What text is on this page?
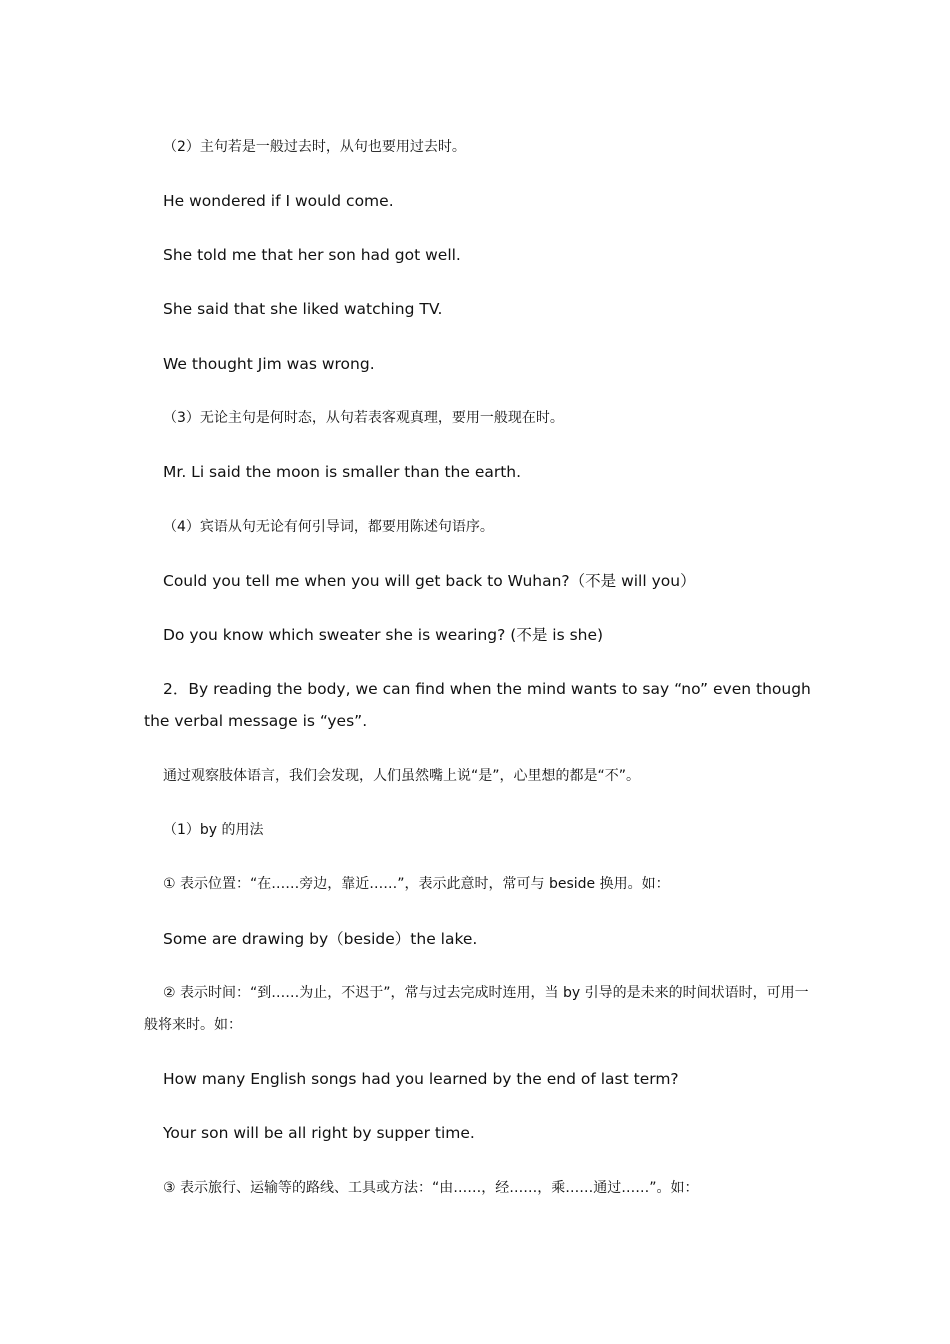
（2）主句若是一般过去时，从句也要用过去时。
He wondered if I would come.
She told me that her son had got well.
She said that she liked watching TV.
We thought Jim was wrong.
（3）无论主句是何时态，从句若表客观真理，要用一般现在时。
Mr. Li said the moon is smaller than the earth.
（4）宾语从句无论有何引导词，都要用陈述句语序。
Could you tell me when you will get back to Wuhan?（不是 will you）
Do you know which sweater she is wearing? (不是 is she)
2．By reading the body, we can find when the mind wants to say “no” even though the verbal message is “yes”.
通过观察肢体语言，我们会发现，人们虽然嘴上说“是”，心里想的都是“不”。
（1）by 的用法
① 表示位置：“在……旁边，靠近……”，表示此意时，常可与 beside 换用。如：
Some are drawing by（beside）the lake.
② 表示时间：“到……为止，不迟于”，常与过去完成时连用，当 by 引导的是未来的时间状语时，可用一般将来时。如：
How many English songs had you learned by the end of last term?
Your son will be all right by supper time.
③ 表示旅行、运输等的路线、工具或方法：“由……，经……，乘……通过……”。如：
